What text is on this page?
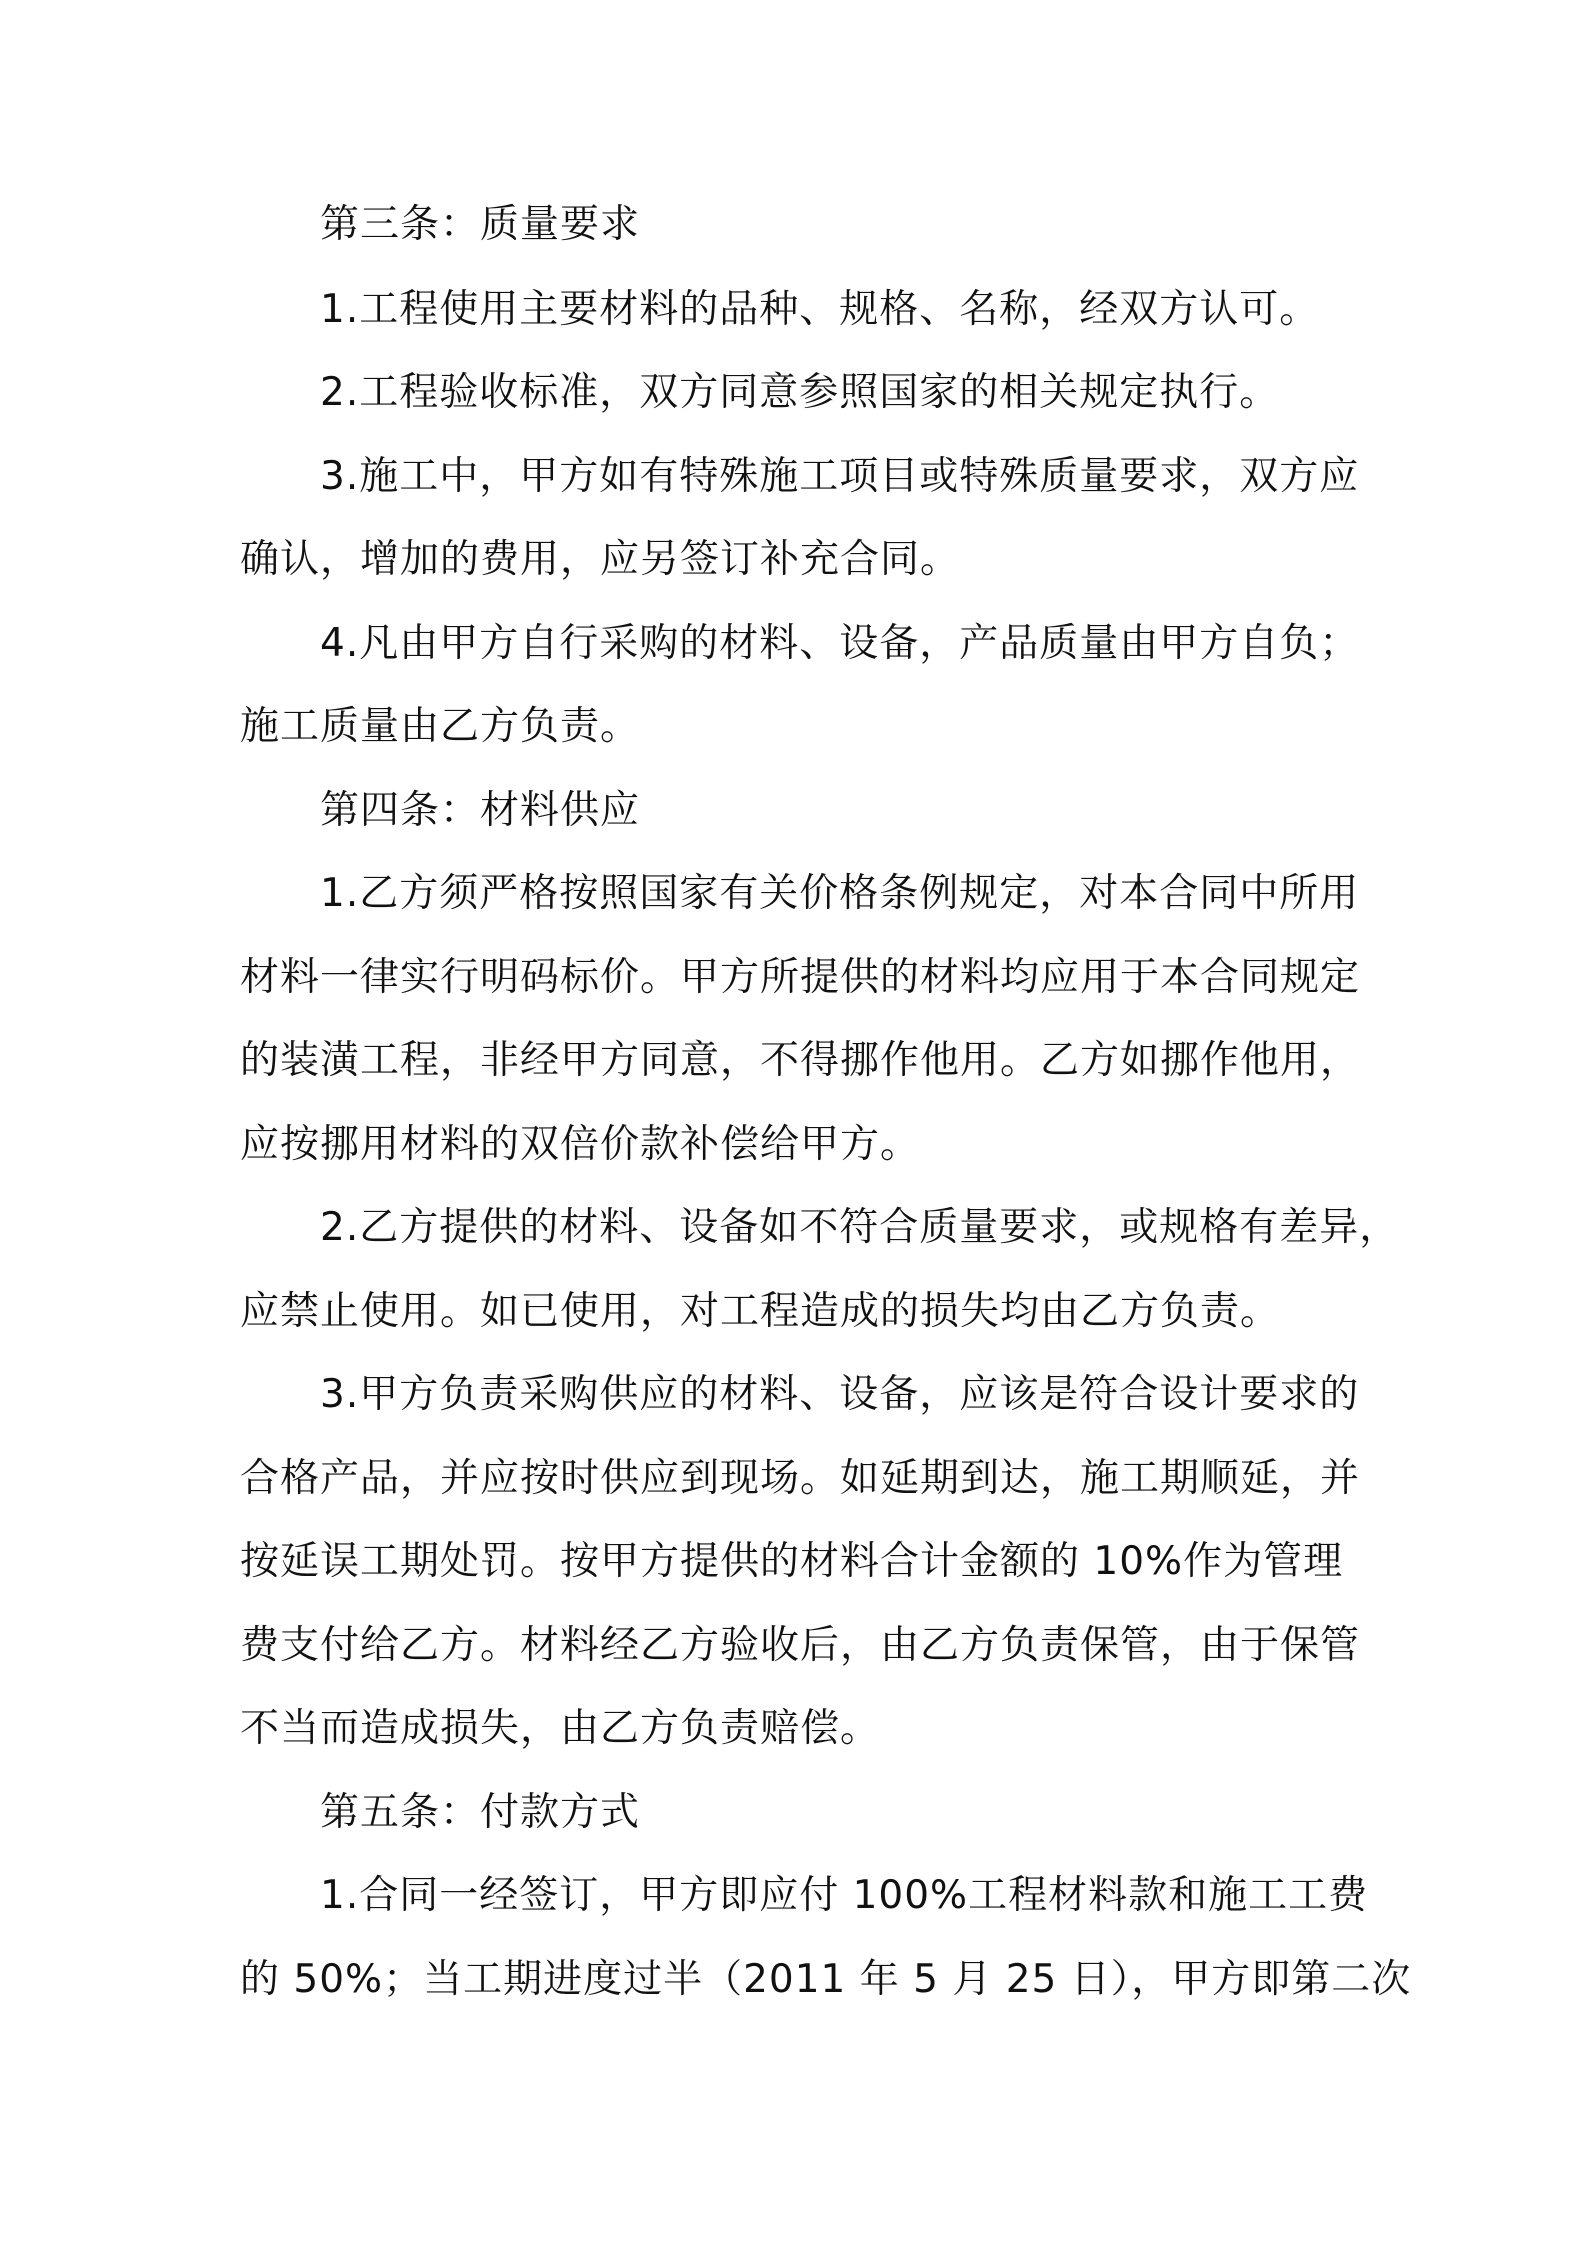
第三条：质量要求

1.工程使用主要材料的品种、规格、名称，经双方认可。

2.工程验收标准，双方同意参照国家的相关规定执行。

3.施工中，甲方如有特殊施工项目或特殊质量要求，双方应

确认，增加的费用，应另签订补充合同。

4.凡由甲方自行采购的材料、设备，产品质量由甲方自负；

施工质量由乙方负责。

第四条：材料供应

1.乙方须严格按照国家有关价格条例规定，对本合同中所用

材料一律实行明码标价。甲方所提供的材料均应用于本合同规定

的装潢工程，非经甲方同意，不得挪作他用。乙方如挪作他用，

应按挪用材料的双倍价款补偿给甲方。

2.乙方提供的材料、设备如不符合质量要求，或规格有差异，

应禁止使用。如已使用，对工程造成的损失均由乙方负责。

3.甲方负责采购供应的材料、设备，应该是符合设计要求的

合格产品，并应按时供应到现场。如延期到达，施工期顺延，并

按延误工期处罚。按甲方提供的材料合计金额的 10%作为管理

费支付给乙方。材料经乙方验收后，由乙方负责保管，由于保管

不当而造成损失，由乙方负责赔偿。

第五条：付款方式

1.合同一经签订，甲方即应付 100%工程材料款和施工工费

的 50%；当工期进度过半（2011 年 5 月 25 日），甲方即第二次
